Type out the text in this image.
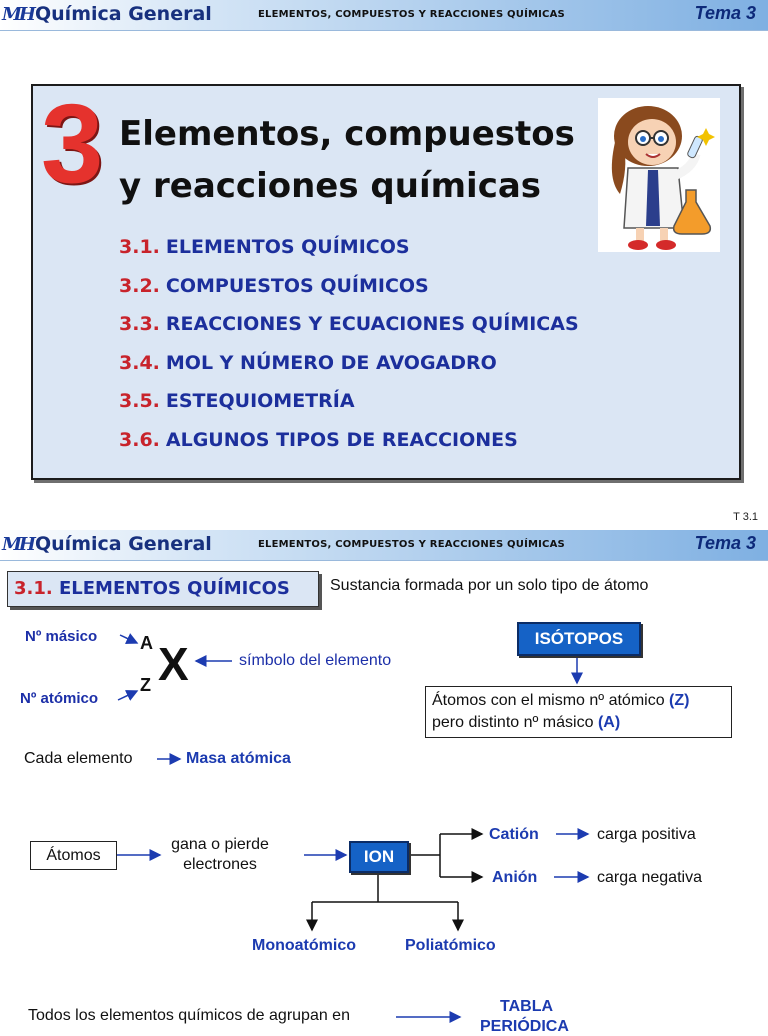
MH Química General	ELEMENTOS, COMPUESTOS Y REACCIONES QUÍMICAS	Tema 3
3 Elementos, compuestos
y reacciones químicas
3.1. ELEMENTOS QUÍMICOS
3.2. COMPUESTOS QUÍMICOS
3.3. REACCIONES Y ECUACIONES QUÍMICAS
3.4. MOL Y NÚMERO DE AVOGADRO
3.5. ESTEQUIOMETRÍA
3.6. ALGUNOS TIPOS DE REACCIONES
T 3.1
MH Química General	ELEMENTOS, COMPUESTOS Y REACCIONES QUÍMICAS	Tema 3
3.1. ELEMENTOS QUÍMICOS	Sustancia formada por un solo tipo de átomo
Nº másico
Nº atómico
A
Z X	símbolo del elemento
ISÓTOPOS
Átomos con el mismo nº atómico (Z)
pero distinto nº másico (A)
Cada elemento	Masa atómica
Átomos
gana o pierde
electrones	ION
Catión	carga positiva
Anión	carga negativa
Monoatómico	Poliatómico
Todos los elementos químicos de agrupan en
TABLA
PERIÓDICA
